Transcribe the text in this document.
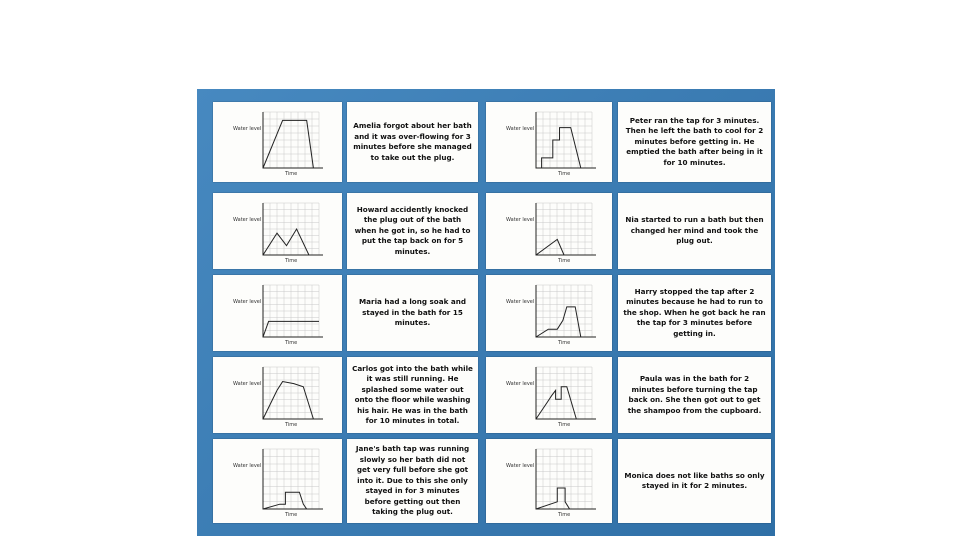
Water level
Time
Amelia forgot about her bath and it was over-flowing for 3 minutes before she managed to take out the plug.
Water level
Time
Howard accidently knocked the plug out of the bath when he got in, so he had to put the tap back on for 5 minutes.
Water level
Time
Maria had a long soak and stayed in the bath for 15 minutes.
Water level
Time
Carlos got into the bath while it was still running. He splashed some water out onto the floor while washing his hair. He was in the bath for 10 minutes in total.
Water level
Time
Jane's bath tap was running slowly so her bath did not get very full before she got into it. Due to this she only stayed in for 3 minutes before getting out then taking the plug out.
Water level
Time
Peter ran the tap for 3 minutes. Then he left the bath to cool for 2 minutes before getting in. He emptied the bath after being in it for 10 minutes.
Water level
Time
Nia started to run a bath but then changed her mind and took the plug out.
Water level
Time
Harry stopped the tap after 2 minutes because he had to run to the shop. When he got back he ran the tap for 3 minutes before getting in.
Water level
Time
Paula was in the bath for 2 minutes before turning the tap back on. She then got out to get the shampoo from the cupboard.
Water level
Time
Monica does not like baths so only stayed in it for 2 minutes.
